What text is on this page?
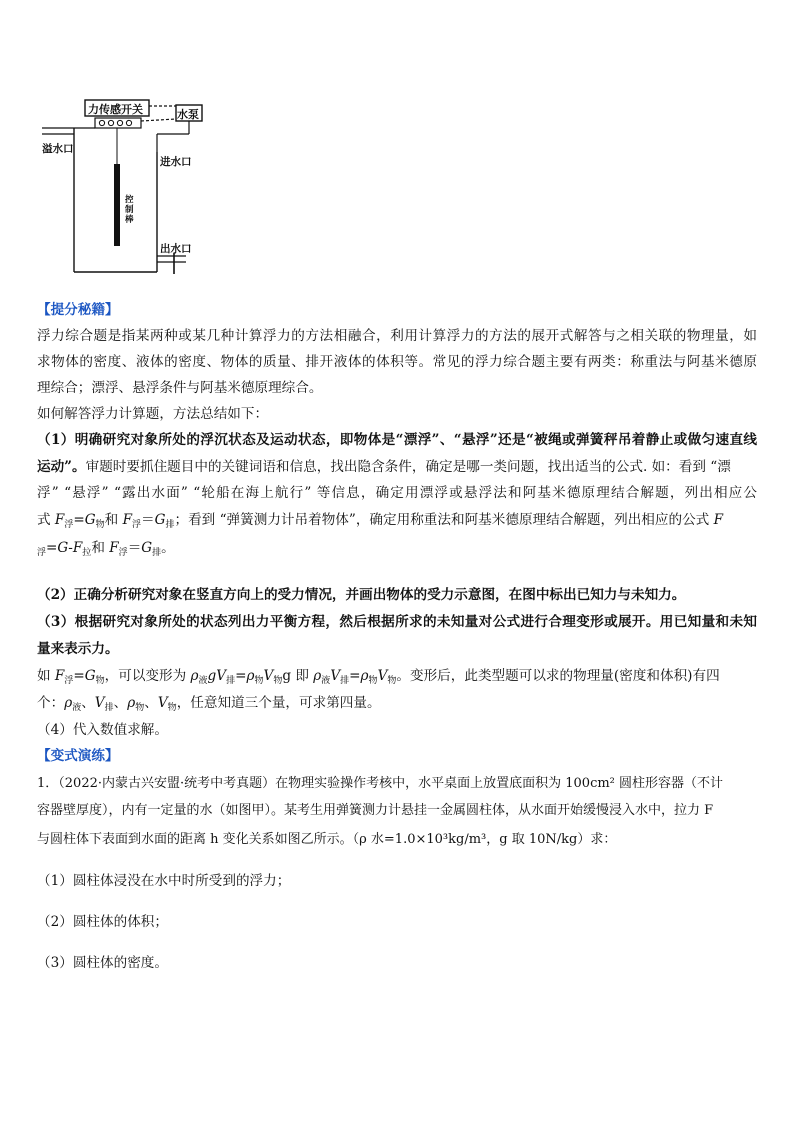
力传感开关	水泵
溢水口
进水口
控 制 棒
出水口
【提分秘籍】
浮力综合题是指某两种或某几种计算浮力的方法相融合，利用计算浮力的方法的展开式解答与之相关联的物理量，如
求物体的密度、液体的密度、物体的质量、排开液体的体积等。常见的浮力综合题主要有两类：称重法与阿基米德原
理综合；漂浮、悬浮条件与阿基米德原理综合。
如何解答浮力计算题，方法总结如下：
（1）明确研究对象所处的浮沉状态及运动状态，即物体是“漂浮”、“悬浮”还是“被绳或弹簧秤吊着静止或做匀速直线
运动”。审题时要抓住题目中的关键词语和信息，找出隐含条件，确定是哪一类问题，找出适当的公式. 如：看到 “漂
浮” “悬浮” “露出水面” “轮船在海上航行” 等信息，确定用漂浮或悬浮法和阿基米德原理结合解题，列出相应公
式 $F_浮=G_物$和 $F_浮=G_排$；看到 “弹簧测力计吊着物体”，确定用称重法和阿基米德原理结合解题，列出相应的公式 F
$_浮=G-F_拉$和 $F_浮=G_排$。
（2）正确分析研究对象在竖直方向上的受力情况，并画出物体的受力示意图，在图中标出已知力与未知力。
（3）根据研究对象所处的状态列出力平衡方程，然后根据所求的未知量对公式进行合理变形或展开。用已知量和未知
量来表示力。
如 $F_浮=G_物$，可以变形为 $\rho_液gV_排=\rho_物V_物g$ 即 $\rho_液V_排=\rho_物V_物$。变形后，此类型题可以求的物理量(密度和体积)有四
个：$\rho_液$、$V_排$、$\rho_物$、$V_物$，任意知道三个量，可求第四量。
（4）代入数值求解。
【变式演练】
1．（2022·内蒙古兴安盟·统考中考真题）在物理实验操作考核中，水平桌面上放置底面积为 100cm² 圆柱形容器（不计
容器壁厚度），内有一定量的水（如图甲）。某考生用弹簧测力计悬挂一金属圆柱体，从水面开始缓慢浸入水中，拉力 F
与圆柱体下表面到水面的距离 h 变化关系如图乙所示。（ρ 水=1.0×10³kg/m³，g 取 10N/kg）求：
（1）圆柱体浸没在水中时所受到的浮力；
（2）圆柱体的体积；
（3）圆柱体的密度。
